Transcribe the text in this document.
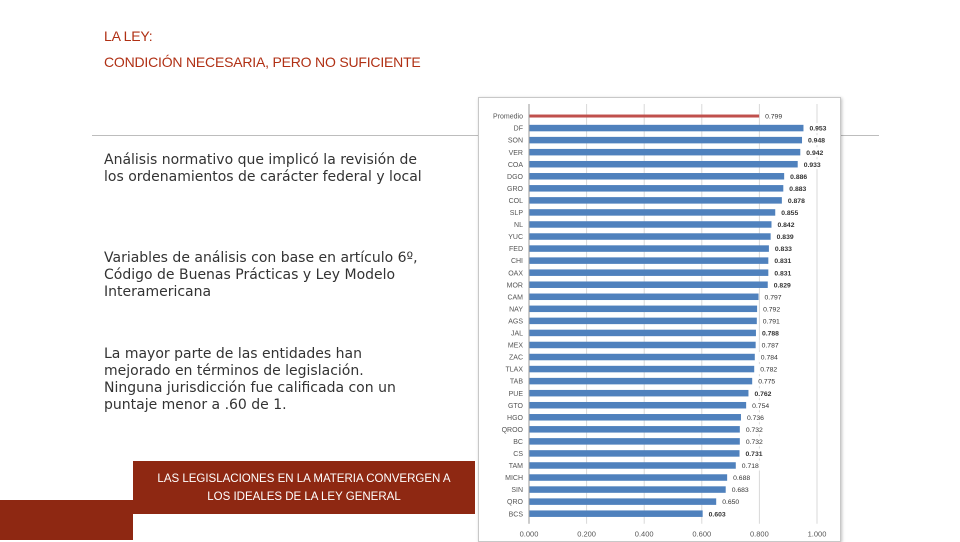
LA LEY:
CONDICIÓN NECESARIA, PERO NO SUFICIENTE
Análisis normativo que implicó la revisión de los ordenamientos de carácter federal y local
Variables de análisis con base en artículo 6º, Código de Buenas Prácticas y Ley Modelo Interamericana
La mayor parte de las entidades han mejorado en términos de legislación. Ninguna jurisdicción fue calificada con un puntaje menor a .60 de 1.
LAS LEGISLACIONES EN LA MATERIA CONVERGEN A
LOS IDEALES DE LA LEY GENERAL
0.000	0.200	0.400	0.600	0.800	1.000
Promedio	0.799
DF	0.953
SON	0.948
VER	0.942
COA	0.933
DGO	0.886
GRO	0.883
COL	0.878
SLP	0.855
NL	0.842
YUC	0.839
FED	0.833
CHI	0.831
OAX	0.831
MOR	0.829
CAM	0.797
NAY	0.792
AGS	0.791
JAL	0.788
MEX	0.787
ZAC	0.784
TLAX	0.782
TAB	0.775
PUE	0.762
GTO	0.754
HGO	0.736
QROO	0.732
BC	0.732
CS	0.731
TAM	0.718
MICH	0.688
SIN	0.683
QRO	0.650
BCS	0.603
